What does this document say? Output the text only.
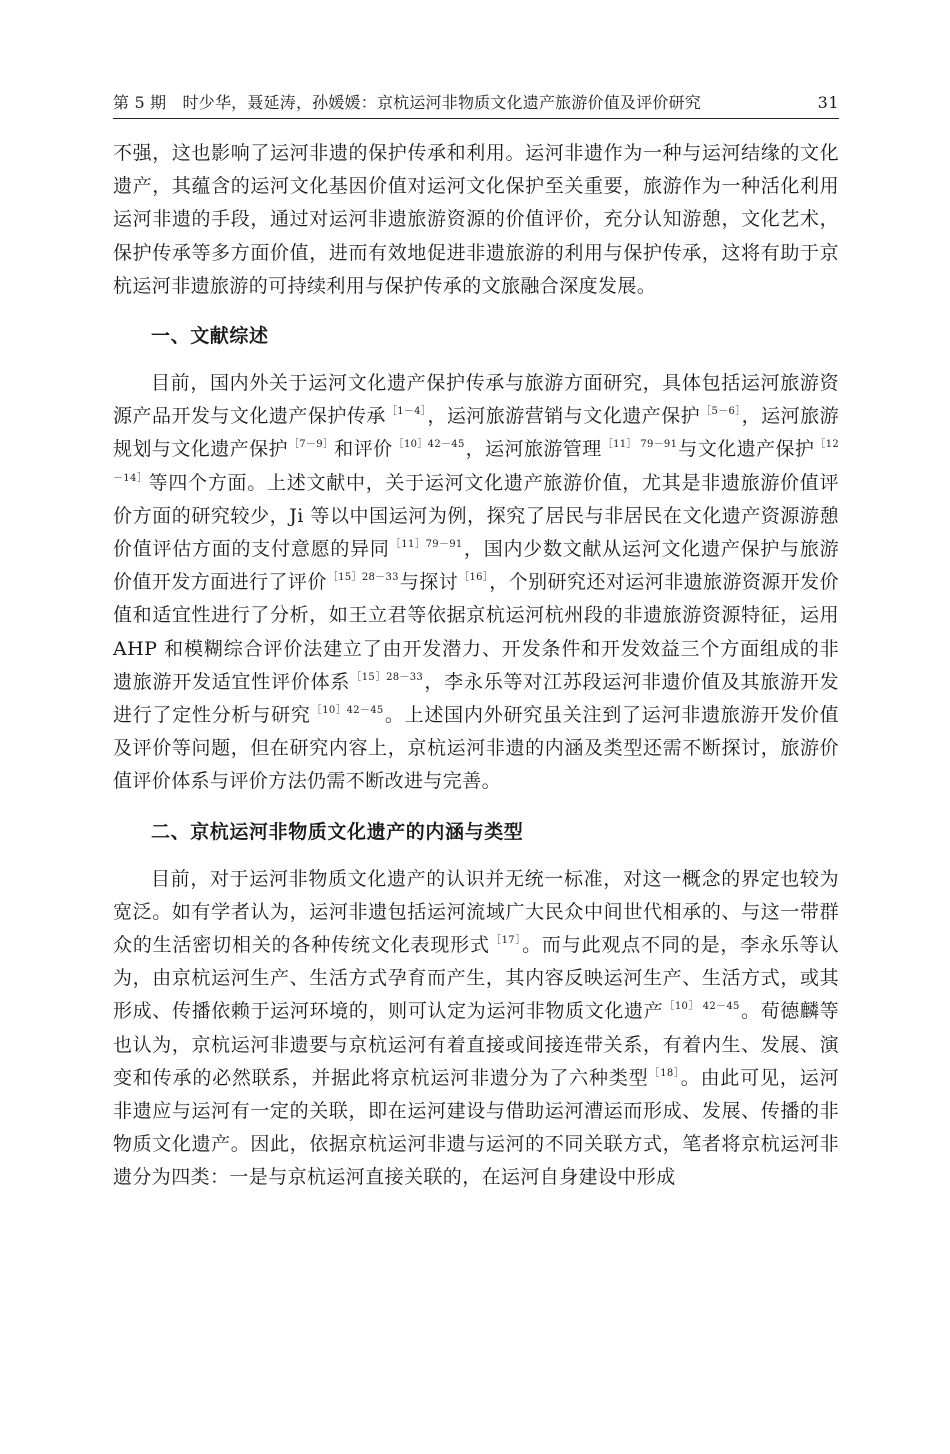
第 5 期　时少华，聂延涛，孙媛媛：京杭运河非物质文化遗产旅游价值及评价研究	31

不强，这也影响了运河非遗的保护传承和利用。运河非遗作为一种与运河结缘的文化遗产，其蕴含的运河文化基因价值对运河文化保护至关重要，旅游作为一种活化利用运河非遗的手段，通过对运河非遗旅游资源的价值评价，充分认知游憩，文化艺术，保护传承等多方面价值，进而有效地促进非遗旅游的利用与保护传承，这将有助于京杭运河非遗旅游的可持续利用与保护传承的文旅融合深度发展。

一、文献综述

目前，国内外关于运河文化遗产保护传承与旅游方面研究，具体包括运河旅游资源产品开发与文化遗产保护传承$^{[1-4]}$，运河旅游营销与文化遗产保护$^{[5-6]}$，运河旅游规划与文化遗产保护$^{[7-9]}$和评价$^{[10]42-45}$，运河旅游管理$^{[11] 79-91}$与文化遗产保护$^{[12-14]}$等四个方面。上述文献中，关于运河文化遗产旅游价值，尤其是非遗旅游价值评价方面的研究较少，Ji 等以中国运河为例，探究了居民与非居民在文化遗产资源游憩价值评估方面的支付意愿的异同$^{[11]79-91}$，国内少数文献从运河文化遗产保护与旅游价值开发方面进行了评价$^{[15]28-33}$与探讨$^{[16]}$，个别研究还对运河非遗旅游资源开发价值和适宜性进行了分析，如王立君等依据京杭运河杭州段的非遗旅游资源特征，运用 AHP 和模糊综合评价法建立了由开发潜力、开发条件和开发效益三个方面组成的非遗旅游开发适宜性评价体系$^{[15]28-33}$，李永乐等对江苏段运河非遗价值及其旅游开发进行了定性分析与研究$^{[10]42-45}$。上述国内外研究虽关注到了运河非遗旅游开发价值及评价等问题，但在研究内容上，京杭运河非遗的内涵及类型还需不断探讨，旅游价值评价体系与评价方法仍需不断改进与完善。

二、京杭运河非物质文化遗产的内涵与类型

目前，对于运河非物质文化遗产的认识并无统一标准，对这一概念的界定也较为宽泛。如有学者认为，运河非遗包括运河流域广大民众中间世代相承的、与这一带群众的生活密切相关的各种传统文化表现形式$^{[17]}$。而与此观点不同的是，李永乐等认为，由京杭运河生产、生活方式孕育而产生，其内容反映运河生产、生活方式，或其形成、传播依赖于运河环境的，则可认定为运河非物质文化遗产$^{[10] 42-45}$。荀德麟等也认为，京杭运河非遗要与京杭运河有着直接或间接连带关系，有着内生、发展、演变和传承的必然联系，并据此将京杭运河非遗分为了六种类型$^{[18]}$。由此可见，运河非遗应与运河有一定的关联，即在运河建设与借助运河漕运而形成、发展、传播的非物质文化遗产。因此，依据京杭运河非遗与运河的不同关联方式，笔者将京杭运河非遗分为四类：一是与京杭运河直接关联的，在运河自身建设中形成
